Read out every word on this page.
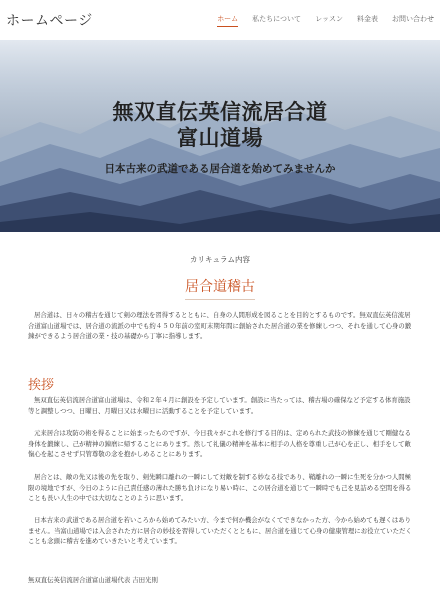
ホームページ	ホーム 私たちについて レッスン 料金表 お問い合わせ
無双直伝英信流居合道
富山道場
日本古来の武道である居合道を始めてみませんか
カリキュラム内容
居合道稽古

居合道は、日々の稽古を通じて剣の理法を習得するとともに、自身の人間形成を図ることを目的とするものです。無双直伝英信流居合道富山道場では、居合道の流派の中でも約４５０年前の室町末期年間に創始された居合道の業を修練しつつ、それを通して心身の鍛錬ができるよう居合道の業・技の基礎から丁寧に指導します。

挨拶

無双直伝英信流居合道富山道場は、令和２年４月に創設を予定しています。創設に当たっては、稽古場の確保など予定する体育施設等と調整しつつ、日曜日、月曜日又は水曜日に活動することを予定しています。

元来居合は攻防の術を得ることに始まったものですが、今日我々がこれを修行する目的は、定められた武技の修練を通じて剛健なる身体を鍛練し、己が精神の錬磨に帰することにあります。然して礼儀の精神を基本に相手の人格を尊重し己が心を正し、相手をして敵愾心を起こさせず只管尊敬の念を抱かしめることにあります。

居合とは、敵の先又は後の先を取り、剣先瞬口離れの一瞬にして対敵を制する妙なる技であり、鞘離れの一瞬に生死を分かつ人間極限の境地ですが、今日のように自己責任感の薄れた勝ち負けになり易い時に、この居合道を通じて一瞬時でも己を見詰める空間を得ることも長い人生の中では大切なことのように思います。

日本古来の武道である居合道を若いころから始めてみたい方、今まで何か機会がなくてできなかった方、今から始めても遅くはありません。当富山道場では入会された方に居合の妙技を習得していただくとともに、居合道を通じて心身の健康管理にお役立ていただくことも念頭に稽古を進めていきたいと考えています。

無双直伝英信流居合道富山道場代表 吉田光則
